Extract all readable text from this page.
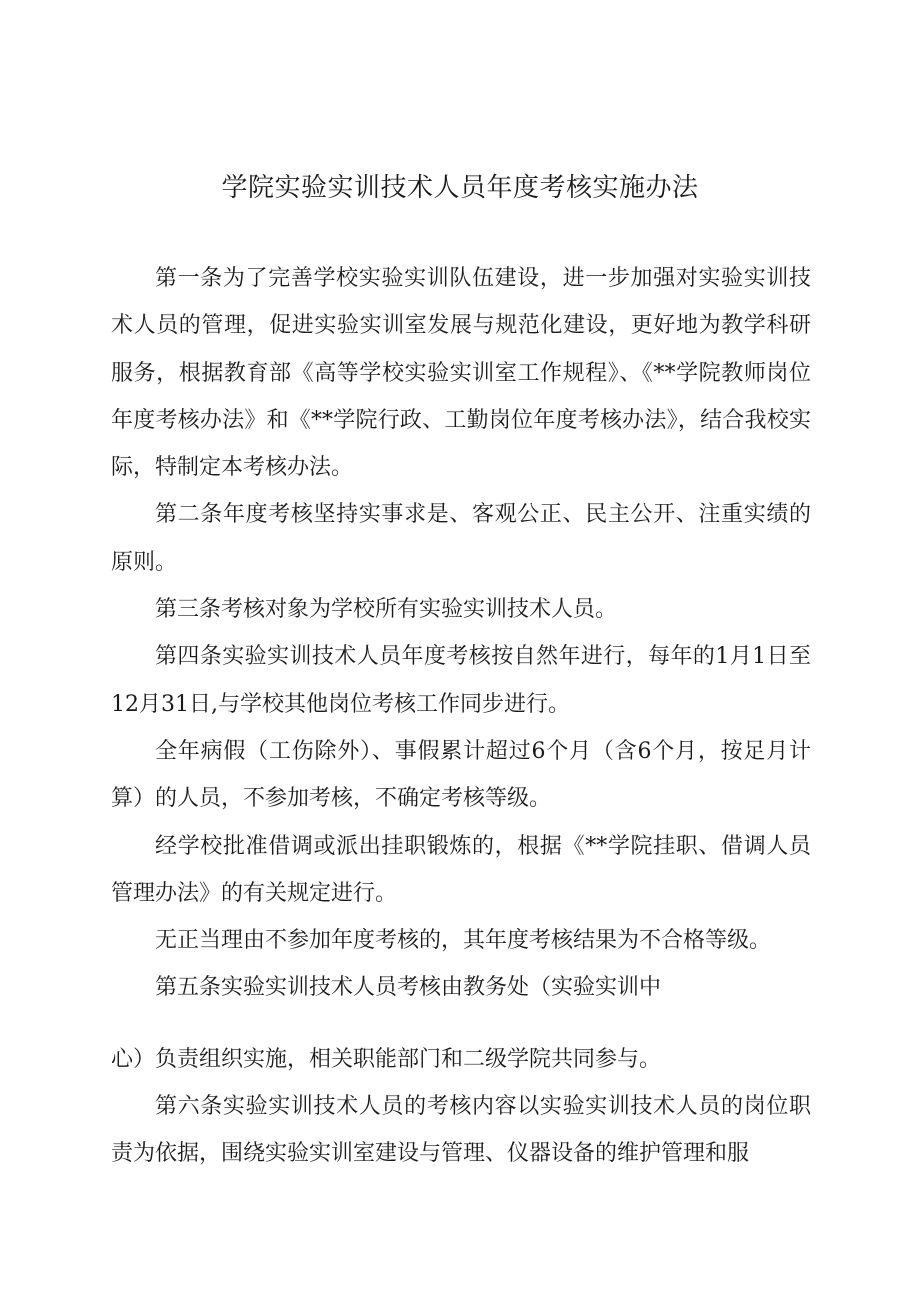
学院实验实训技术人员年度考核实施办法

第一条为了完善学校实验实训队伍建设，进一步加强对实验实训技术人员的管理，促进实验实训室发展与规范化建设，更好地为教学科研服务，根据教育部《高等学校实验实训室工作规程》、《**学院教师岗位年度考核办法》和《**学院行政、工勤岗位年度考核办法》，结合我校实际，特制定本考核办法。

第二条年度考核坚持实事求是、客观公正、民主公开、注重实绩的原则。

第三条考核对象为学校所有实验实训技术人员。

第四条实验实训技术人员年度考核按自然年进行，每年的1月1日至12月31日,与学校其他岗位考核工作同步进行。

全年病假（工伤除外）、事假累计超过6个月（含6个月，按足月计算）的人员，不参加考核，不确定考核等级。

经学校批准借调或派出挂职锻炼的，根据《**学院挂职、借调人员管理办法》的有关规定进行。

无正当理由不参加年度考核的，其年度考核结果为不合格等级。

第五条实验实训技术人员考核由教务处（实验实训中

心）负责组织实施，相关职能部门和二级学院共同参与。

第六条实验实训技术人员的考核内容以实验实训技术人员的岗位职责为依据，围绕实验实训室建设与管理、仪器设备的维护管理和服
